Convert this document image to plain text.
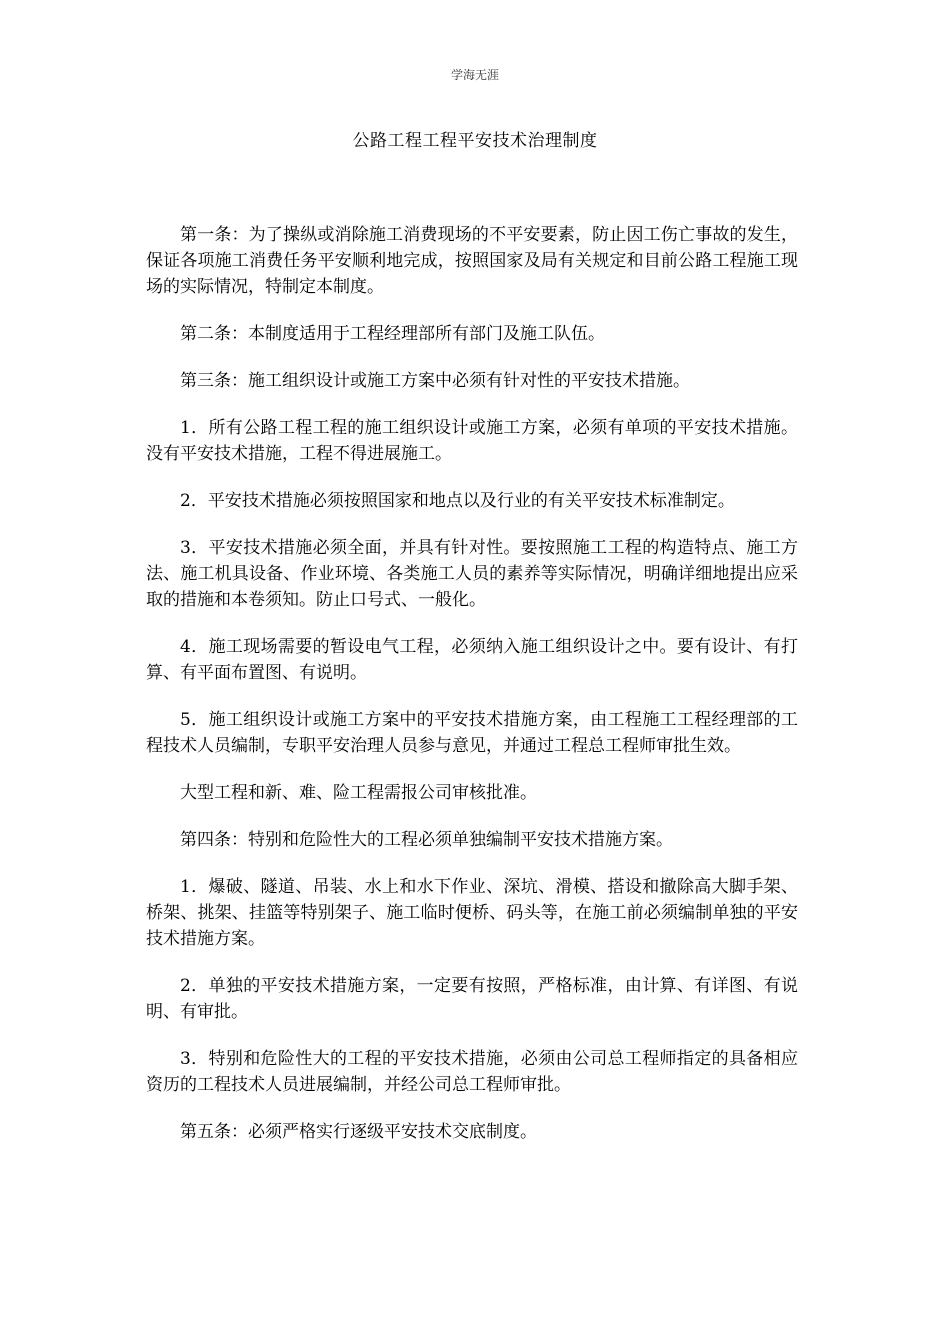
学海无涯
公路工程工程平安技术治理制度

第一条：为了操纵或消除施工消费现场的不平安要素，防止因工伤亡事故的发生，保证各项施工消费任务平安顺利地完成，按照国家及局有关规定和目前公路工程施工现场的实际情况，特制定本制度。

第二条：本制度适用于工程经理部所有部门及施工队伍。

第三条：施工组织设计或施工方案中必须有针对性的平安技术措施。

1．所有公路工程工程的施工组织设计或施工方案，必须有单项的平安技术措施。没有平安技术措施，工程不得进展施工。

2．平安技术措施必须按照国家和地点以及行业的有关平安技术标准制定。

3．平安技术措施必须全面，并具有针对性。要按照施工工程的构造特点、施工方法、施工机具设备、作业环境、各类施工人员的素养等实际情况，明确详细地提出应采取的措施和本卷须知。防止口号式、一般化。

4．施工现场需要的暂设电气工程，必须纳入施工组织设计之中。要有设计、有打算、有平面布置图、有说明。

5．施工组织设计或施工方案中的平安技术措施方案，由工程施工工程经理部的工程技术人员编制，专职平安治理人员参与意见，并通过工程总工程师审批生效。

大型工程和新、难、险工程需报公司审核批准。

第四条：特别和危险性大的工程必须单独编制平安技术措施方案。

1．爆破、隧道、吊装、水上和水下作业、深坑、滑模、搭设和撤除高大脚手架、桥架、挑架、挂篮等特别架子、施工临时便桥、码头等，在施工前必须编制单独的平安技术措施方案。

2．单独的平安技术措施方案，一定要有按照，严格标准，由计算、有详图、有说明、有审批。

3．特别和危险性大的工程的平安技术措施，必须由公司总工程师指定的具备相应资历的工程技术人员进展编制，并经公司总工程师审批。

第五条：必须严格实行逐级平安技术交底制度。
